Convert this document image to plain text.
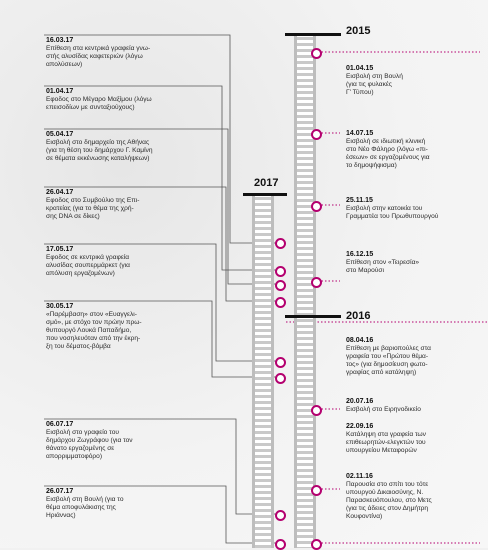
2015
2017
2016
16.03.17
Επίθεση στα κεντρικά γραφεία γνω-
στής αλυσίδας καφετεριών (λόγω
απολύσεων)
01.04.17
Εφοδος στο Μέγαρο Μαξίμου (λόγω
επεισοδίων με συνταξιούχους)
05.04.17
Εισβολή στο δημαρχείο της Αθήνας
(για τη θέση του δημάρχου Γ. Καμίνη
σε θέματα εκκένωσης καταλήψεων)
26.04.17
Εφοδος στο Συμβούλιο της Επι-
κρατείας (για το θέμα της χρή-
σης DNA σε δίκες)
17.05.17
Εφοδος σε κεντρικά γραφεία
αλυσίδας σουπερμάρκετ (για
απόλυση εργαζομένων)
30.05.17
«Παρέμβαση» στον «Ευαγγελι-
σμό», με στόχο τον πρώην πρω-
θυπουργό Λουκά Παπαδήμο,
που νοσηλευόταν από την έκρη-
ξη του δέματος-βόμβα
06.07.17
Εισβολή στο γραφείο του
δημάρχου Ζωγράφου (για τον
θάνατο εργαζομένης σε
απορριμματοφόρο)
26.07.17
Εισβολή στη Βουλή (για το
θέμα αποφυλάκισης της
Ηριάννας)
01.04.15
Εισβολή στη Βουλή
(για τις φυλακές
Γ' Τύπου)
14.07.15
Εισβολή σε ιδιωτική κλινική
στο Νέο Φάληρο (λόγω «πι-
έσεων» σε εργαζομένους για
το δημοψήφισμα)
25.11.15
Εισβολή στην κατοικία του
Γραμματέα του Πρωθυπουργού
16.12.15
Επίθεση στον «Τειρεσία»
στο Μαρούσι
08.04.16
Επίθεση με βαριοπούλες στα
γραφεία του «Πρώτου θέμα-
τος» (για δημοσίευση φωτο-
γραφίας από κατάληψη)
20.07.16
Εισβολή στο Ειρηνοδικείο
22.09.16
Κατάληψη στα γραφεία των
επιθεωρητών-ελεγκτών του
υπουργείου Μεταφορών
02.11.16
Παρουσία στο σπίτι του τότε
υπουργού Δικαιοσύνης, Ν.
Παρασκευόπουλου, στο Μετς
(για τις άδειες στον Δημήτρη
Κουφοντίνα)
